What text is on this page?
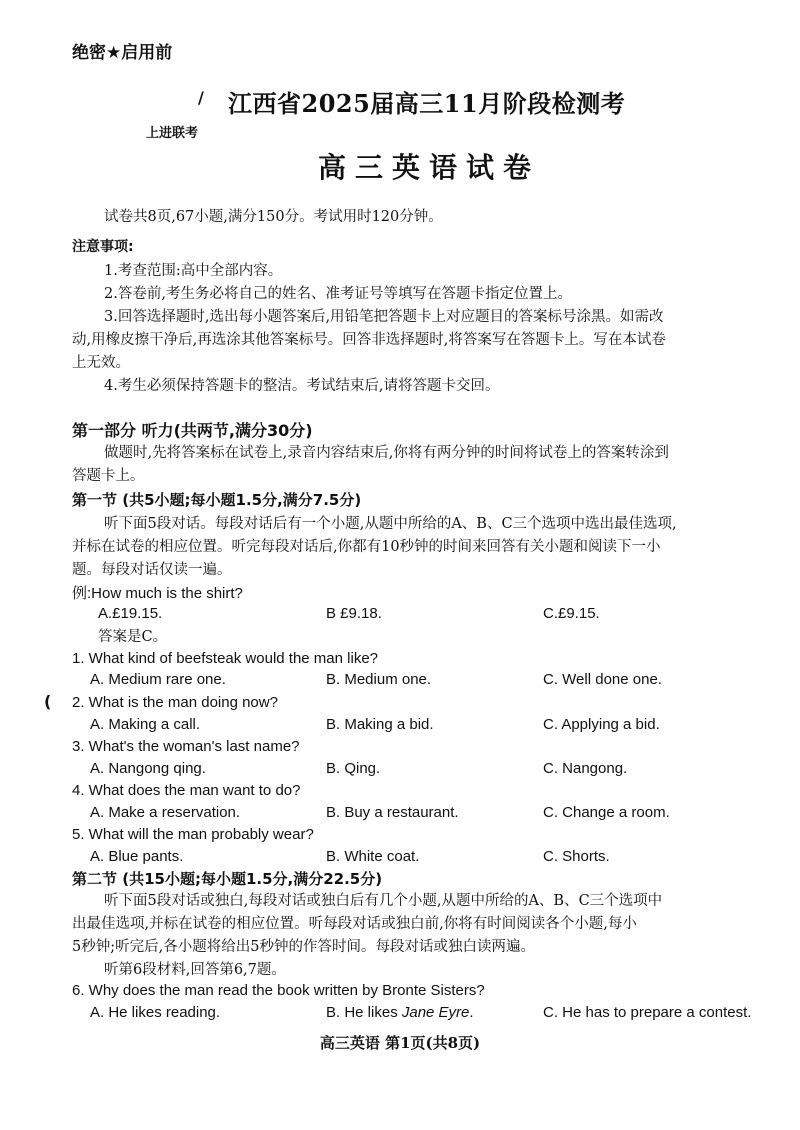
绝密★启用前
/ 江西省2025届高三11月阶段检测考
上进联考
高三英语试卷
试卷共8页,67小题,满分150分。考试用时120分钟。
注意事项:
1.考查范围:高中全部内容。
2.答卷前,考生务必将自己的姓名、准考证号等填写在答题卡指定位置上。
3.回答选择题时,选出每小题答案后,用铅笔把答题卡上对应题目的答案标号涂黑。如需改
动,用橡皮擦干净后,再选涂其他答案标号。回答非选择题时,将答案写在答题卡上。写在本试卷
上无效。
4.考生必须保持答题卡的整洁。考试结束后,请将答题卡交回。
第一部分 听力(共两节,满分30分)
做题时,先将答案标在试卷上,录音内容结束后,你将有两分钟的时间将试卷上的答案转涂到
答题卡上。
第一节 (共5小题;每小题1.5分,满分7.5分)
听下面5段对话。每段对话后有一个小题,从题中所给的A、B、C三个选项中选出最佳选项,
并标在试卷的相应位置。听完每段对话后,你都有10秒钟的时间来回答有关小题和阅读下一小
题。每段对话仅读一遍。
例:How much is the shirt?
A.£19.15.	B £9.18.	C.£9.15.
答案是C。
1. What kind of beefsteak would the man like?
A. Medium rare one.	B. Medium one.	C. Well done one.
( 2. What is the man doing now?
A. Making a call.	B. Making a bid.	C. Applying a bid.
3. What's the woman's last name?
A. Nangong qing.	B. Qing.	C. Nangong.
4. What does the man want to do?
A. Make a reservation.	B. Buy a restaurant.	C. Change a room.
5. What will the man probably wear?
A. Blue pants.	B. White coat.	C. Shorts.
第二节 (共15小题;每小题1.5分,满分22.5分)
听下面5段对话或独白,每段对话或独白后有几个小题,从题中所给的A、B、C三个选项中
出最佳选项,并标在试卷的相应位置。听每段对话或独白前,你将有时间阅读各个小题,每小
5秒钟;听完后,各小题将给出5秒钟的作答时间。每段对话或独白读两遍。
听第6段材料,回答第6,7题。
6. Why does the man read the book written by Bronte Sisters?
A. He likes reading.	B. He likes Jane Eyre.	C. He has to prepare a contest.
高三英语 第1页(共8页)
